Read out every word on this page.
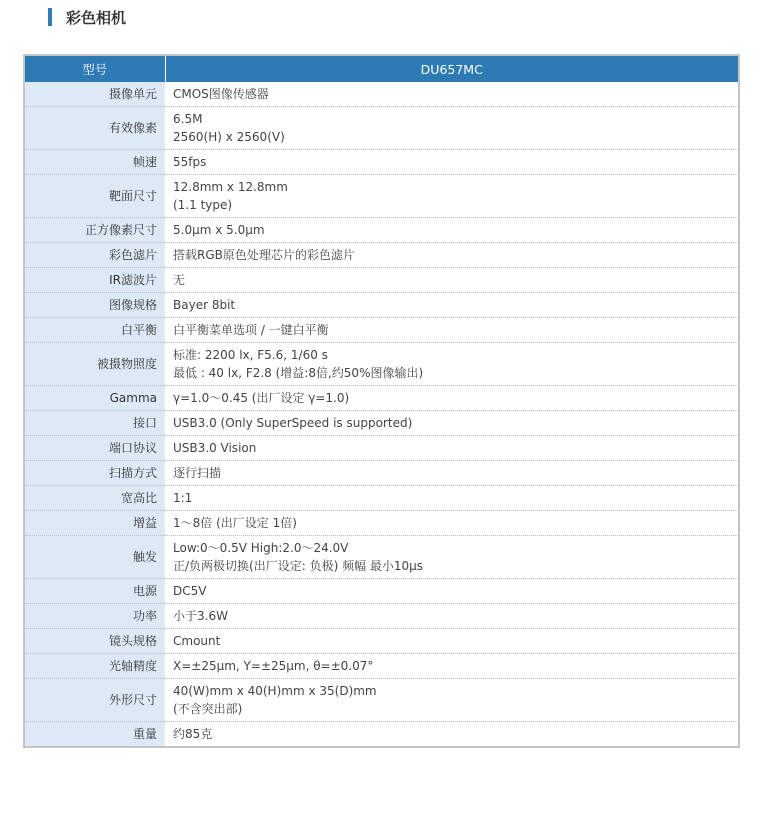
彩色相机
型号	DU657MC
摄像单元	CMOS图像传感器

有效像素	6.5M
2560(H) x 2560(V)

帧速	55fps

靶面尺寸	12.8mm x 12.8mm
(1.1 type)

正方像素尺寸	5.0μm x 5.0μm

彩色滤片	搭载RGB原色处理芯片的彩色滤片

IR滤波片	无

图像规格	Bayer 8bit

白平衡	白平衡菜单选项 / 一键白平衡

被摄物照度	标准: 2200 lx, F5.6, 1/60 s
最低 : 40 lx, F2.8 (增益:8倍,约50%图像输出)

Gamma	γ=1.0～0.45 (出厂设定 γ=1.0)

接口	USB3.0 (Only SuperSpeed is supported)

端口协议	USB3.0 Vision

扫描方式	逐行扫描

宽高比	1:1

增益	1～8倍 (出厂设定 1倍)

触发	Low:0～0.5V High:2.0～24.0V
正/负两极切换(出厂设定: 负极) 频幅 最小10μs

电源	DC5V

功率	小于3.6W

镜头规格	Cmount

光轴精度	X=±25μm, Y=±25μm, θ=±0.07°

外形尺寸	40(W)mm x 40(H)mm x 35(D)mm
(不含突出部)

重量	约85克
